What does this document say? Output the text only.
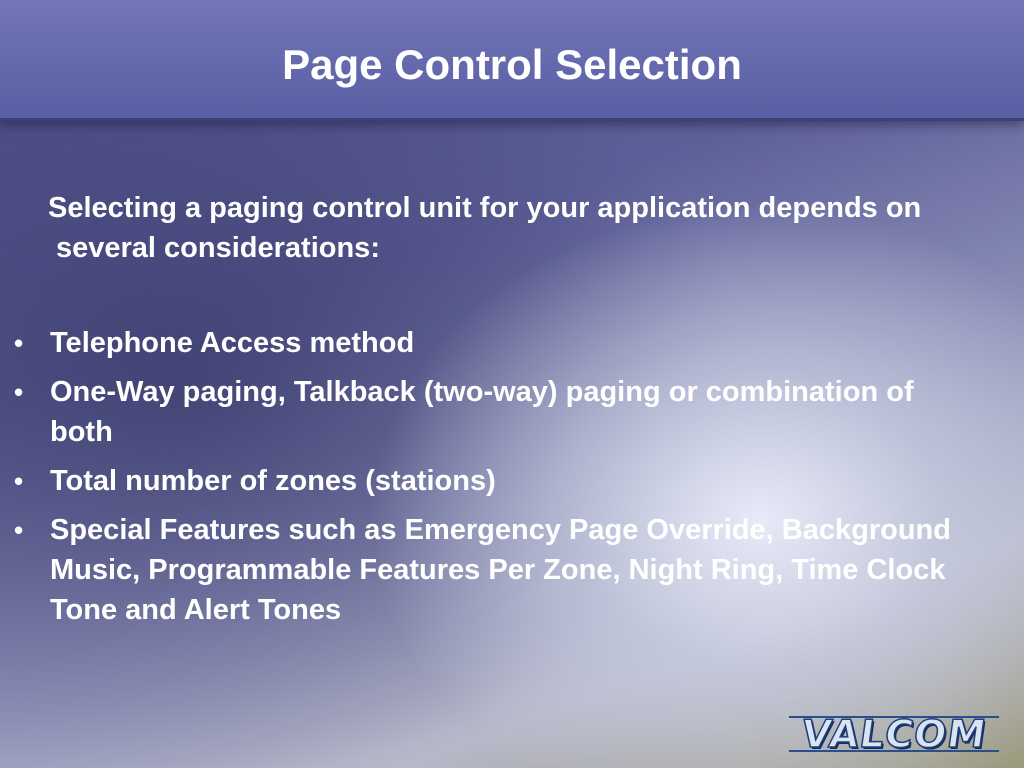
Page Control Selection

Selecting a paging control unit for your application depends on several considerations:

• Telephone Access method
• One-Way paging, Talkback (two-way) paging or combination of both
• Total number of zones (stations)
• Special Features such as Emergency Page Override, Background Music, Programmable Features Per Zone, Night Ring, Time Clock Tone and Alert Tones
VALCOM
